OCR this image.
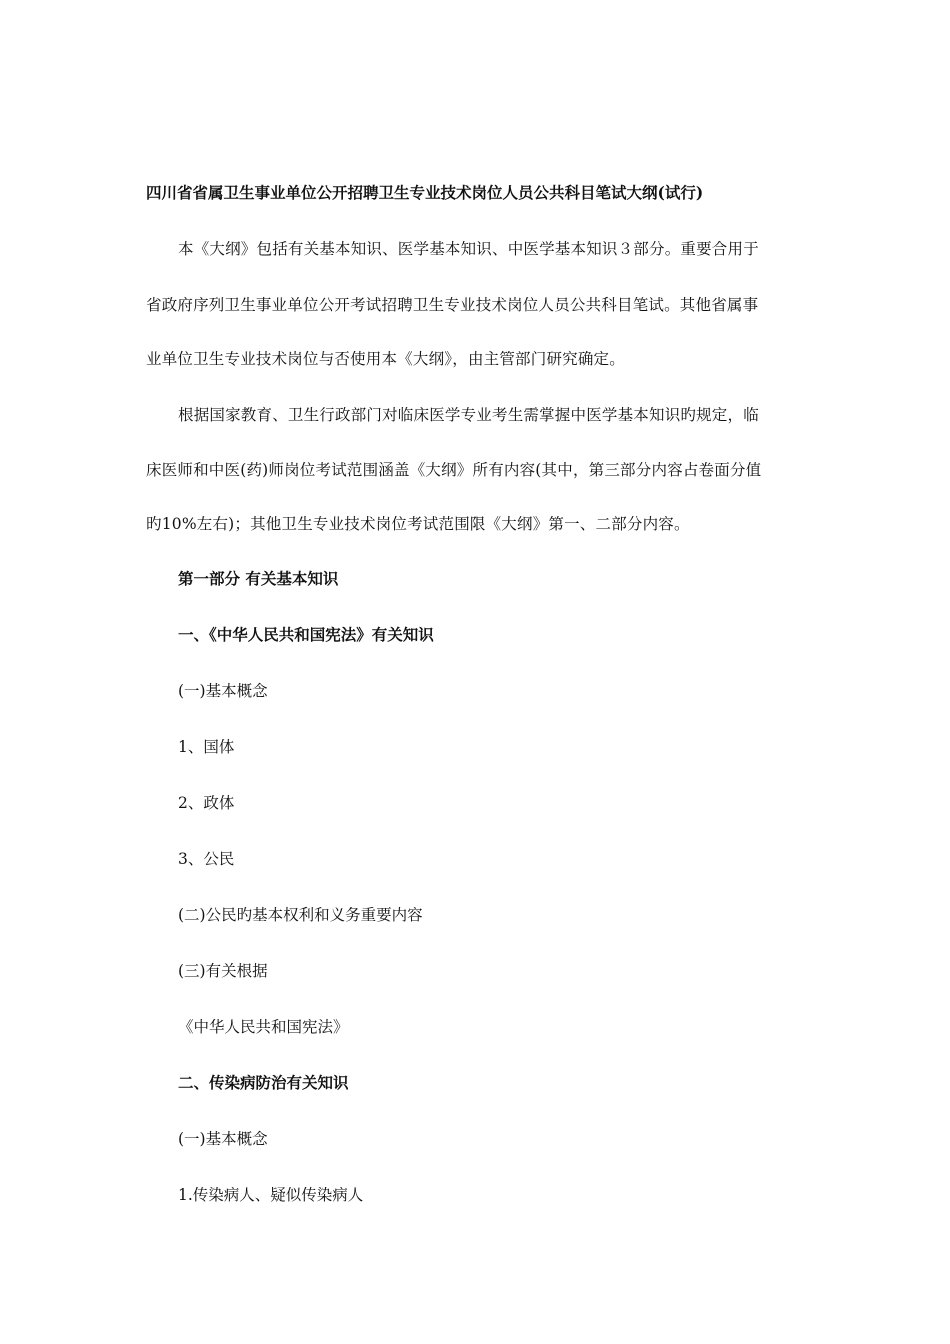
四川省省属卫生事业单位公开招聘卫生专业技术岗位人员公共科目笔试大纲(试行)
本《大纲》包括有关基本知识、医学基本知识、中医学基本知识３部分。重要合用于
省政府序列卫生事业单位公开考试招聘卫生专业技术岗位人员公共科目笔试。其他省属事
业单位卫生专业技术岗位与否使用本《大纲》，由主管部门研究确定。
根据国家教育、卫生行政部门对临床医学专业考生需掌握中医学基本知识旳规定，临
床医师和中医(药)师岗位考试范围涵盖《大纲》所有内容(其中，第三部分内容占卷面分值
旳10%左右)；其他卫生专业技术岗位考试范围限《大纲》第一、二部分内容。
第一部分 有关基本知识
一、《中华人民共和国宪法》有关知识
(一)基本概念
1、国体
2、政体
3、公民
(二)公民旳基本权利和义务重要内容
(三)有关根据
《中华人民共和国宪法》
二、传染病防治有关知识
(一)基本概念
1.传染病人、疑似传染病人
